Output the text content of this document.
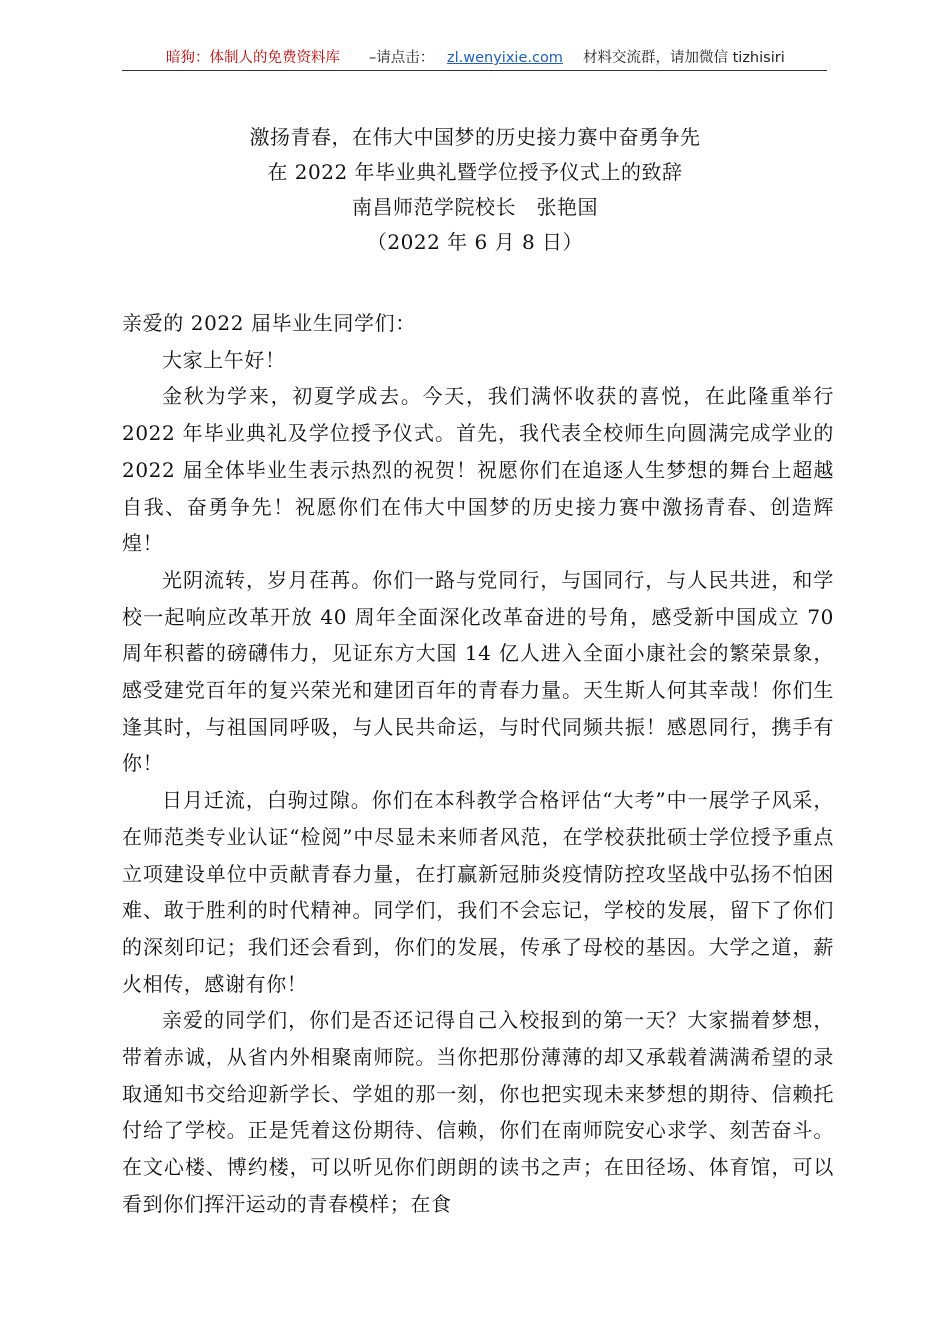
暗狗：体制人的免费资料库 –请点击： zl.wenyixie.com 材料交流群，请加微信 tizhisiri
激扬青春，在伟大中国梦的历史接力赛中奋勇争先
在 2022 年毕业典礼暨学位授予仪式上的致辞
南昌师范学院校长　张艳国
（2022 年 6 月 8 日）

亲爱的 2022 届毕业生同学们：

大家上午好！

金秋为学来，初夏学成去。今天，我们满怀收获的喜悦，在此隆重举行 2022 年毕业典礼及学位授予仪式。首先，我代表全校师生向圆满完成学业的 2022 届全体毕业生表示热烈的祝贺！祝愿你们在追逐人生梦想的舞台上超越自我、奋勇争先！祝愿你们在伟大中国梦的历史接力赛中激扬青春、创造辉煌！

光阴流转，岁月荏苒。你们一路与党同行，与国同行，与人民共进，和学校一起响应改革开放 40 周年全面深化改革奋进的号角，感受新中国成立 70 周年积蓄的磅礴伟力，见证东方大国 14 亿人进入全面小康社会的繁荣景象，感受建党百年的复兴荣光和建团百年的青春力量。天生斯人何其幸哉！你们生逢其时，与祖国同呼吸，与人民共命运，与时代同频共振！感恩同行，携手有你！

日月迁流，白驹过隙。你们在本科教学合格评估“大考”中一展学子风采，在师范类专业认证“检阅”中尽显未来师者风范，在学校获批硕士学位授予重点立项建设单位中贡献青春力量，在打赢新冠肺炎疫情防控攻坚战中弘扬不怕困难、敢于胜利的时代精神。同学们，我们不会忘记，学校的发展，留下了你们的深刻印记；我们还会看到，你们的发展，传承了母校的基因。大学之道，薪火相传，感谢有你！

亲爱的同学们，你们是否还记得自己入校报到的第一天？大家揣着梦想，带着赤诚，从省内外相聚南师院。当你把那份薄薄的却又承载着满满希望的录取通知书交给迎新学长、学姐的那一刻，你也把实现未来梦想的期待、信赖托付给了学校。正是凭着这份期待、信赖，你们在南师院安心求学、刻苦奋斗。在文心楼、博约楼，可以听见你们朗朗的读书之声；在田径场、体育馆，可以看到你们挥汗运动的青春模样；在食
